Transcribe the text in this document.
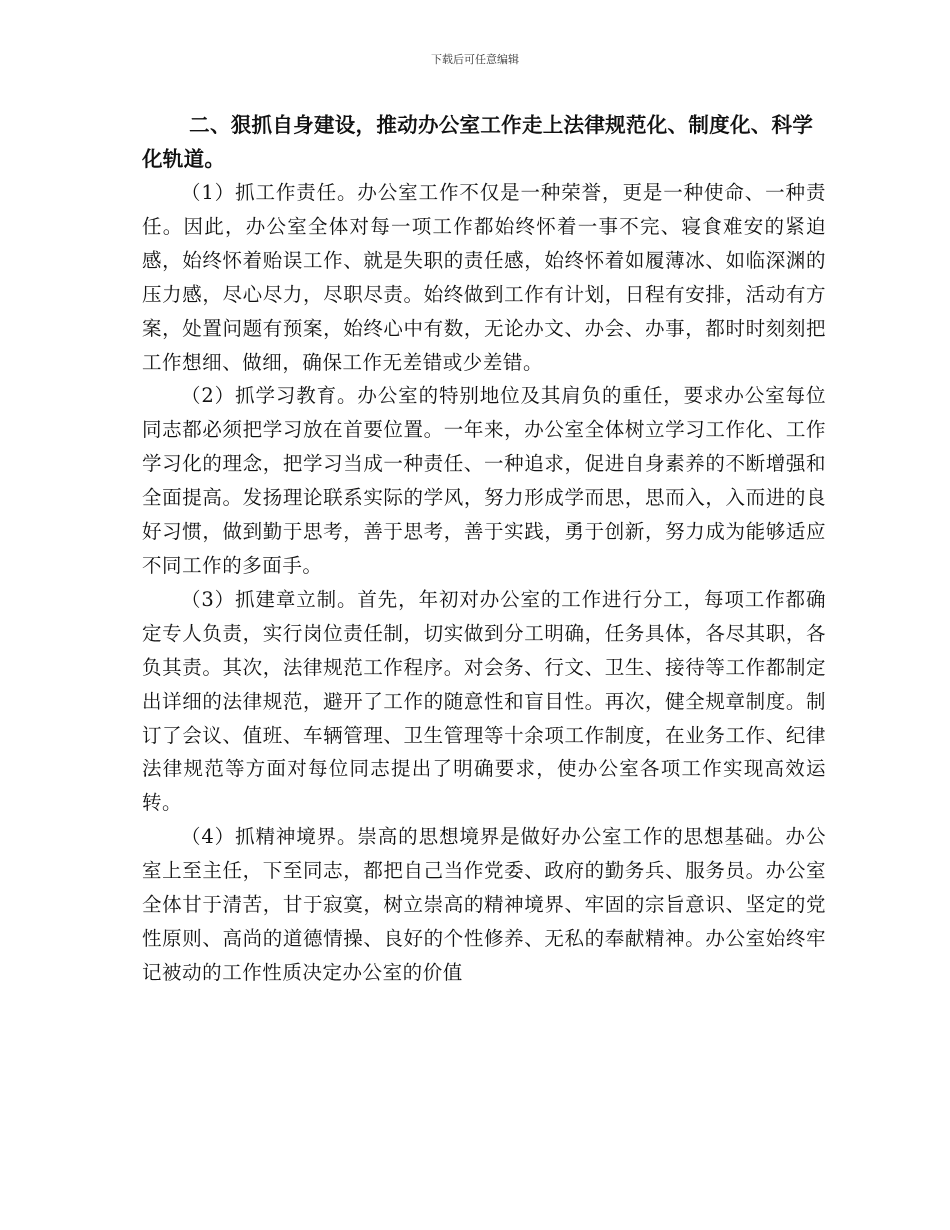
下载后可任意编辑

二、狠抓自身建设，推动办公室工作走上法律规范化、制度化、科学化轨道。

（1）抓工作责任。办公室工作不仅是一种荣誉，更是一种使命、一种责任。因此，办公室全体对每一项工作都始终怀着一事不完、寝食难安的紧迫感，始终怀着贻误工作、就是失职的责任感，始终怀着如履薄冰、如临深渊的压力感，尽心尽力，尽职尽责。始终做到工作有计划，日程有安排，活动有方案，处置问题有预案，始终心中有数，无论办文、办会、办事，都时时刻刻把工作想细、做细，确保工作无差错或少差错。

（2）抓学习教育。办公室的特别地位及其肩负的重任，要求办公室每位同志都必须把学习放在首要位置。一年来，办公室全体树立学习工作化、工作学习化的理念，把学习当成一种责任、一种追求，促进自身素养的不断增强和全面提高。发扬理论联系实际的学风，努力形成学而思，思而入，入而进的良好习惯，做到勤于思考，善于思考，善于实践，勇于创新，努力成为能够适应不同工作的多面手。

（3）抓建章立制。首先，年初对办公室的工作进行分工，每项工作都确定专人负责，实行岗位责任制，切实做到分工明确，任务具体，各尽其职，各负其责。其次，法律规范工作程序。对会务、行文、卫生、接待等工作都制定出详细的法律规范，避开了工作的随意性和盲目性。再次，健全规章制度。制订了会议、值班、车辆管理、卫生管理等十余项工作制度，在业务工作、纪律法律规范等方面对每位同志提出了明确要求，使办公室各项工作实现高效运转。

（4）抓精神境界。崇高的思想境界是做好办公室工作的思想基础。办公室上至主任，下至同志，都把自己当作党委、政府的勤务兵、服务员。办公室全体甘于清苦，甘于寂寞，树立崇高的精神境界、牢固的宗旨意识、坚定的党性原则、高尚的道德情操、良好的个性修养、无私的奉献精神。办公室始终牢记被动的工作性质决定办公室的价值
